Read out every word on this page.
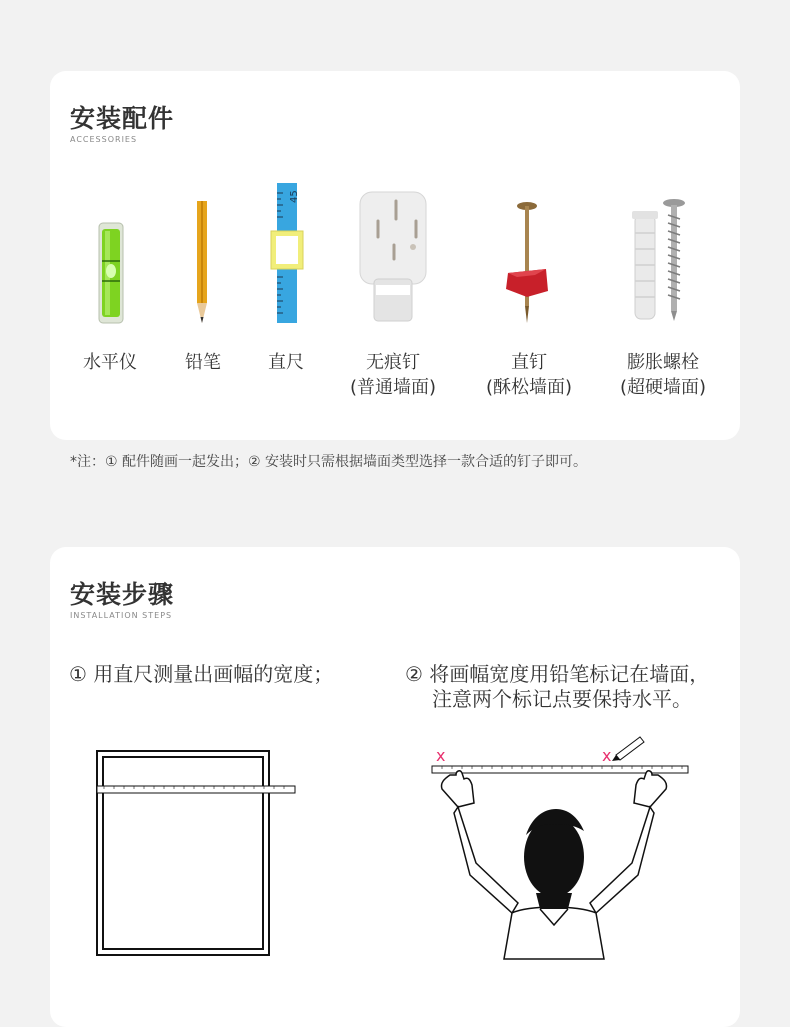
安装配件
ACCESSORIES
45
水平仪	铅笔	直尺	无痕钉
(普通墙面)
直钉
(酥松墙面)
膨胀螺栓
(超硬墙面)
*注：① 配件随画一起发出；② 安装时只需根据墙面类型选择一款合适的钉子即可。
安装步骤
INSTALLATION STEPS
① 用直尺测量出画幅的宽度；	② 将画幅宽度用铅笔标记在墙面，
注意两个标记点要保持水平。
x	x
